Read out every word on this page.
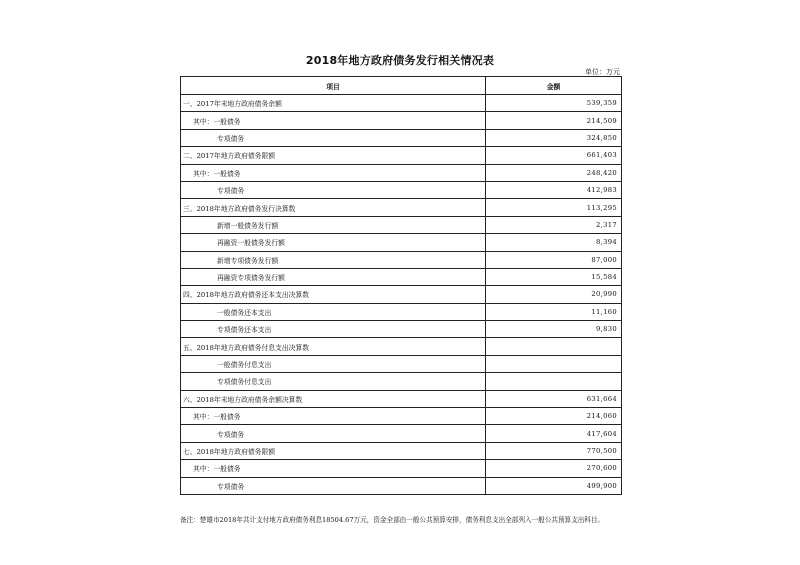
2018年地方政府债务发行相关情况表
单位：万元
项目	金额
一、2017年末地方政府债务余额	539,359
其中：一般债务	214,509
专项债务	324,850
二、2017年地方政府债务限额	661,403
其中：一般债务	248,420
专项债务	412,983
三、2018年地方政府债务发行决算数	113,295
新增一般债务发行额	2,317
再融资一般债务发行额	8,394
新增专项债务发行额	87,000
再融资专项债务发行额	15,584
四、2018年地方政府债务还本支出决算数	20,990
一般债务还本支出	11,160
专项债务还本支出	9,830
五、2018年地方政府债务付息支出决算数	
一般债务付息支出	
专项债务付息支出	
六、2018年末地方政府债务余额决算数	631,664
其中：一般债务	214,060
专项债务	417,604
七、2018年地方政府债务限额	770,500
其中：一般债务	270,600
专项债务	499,900
备注：楚雄市2018年共计支付地方政府债务利息18504.67万元，资金全部由一般公共预算安排，债务利息支出全部列入一般公共预算支出科目。
